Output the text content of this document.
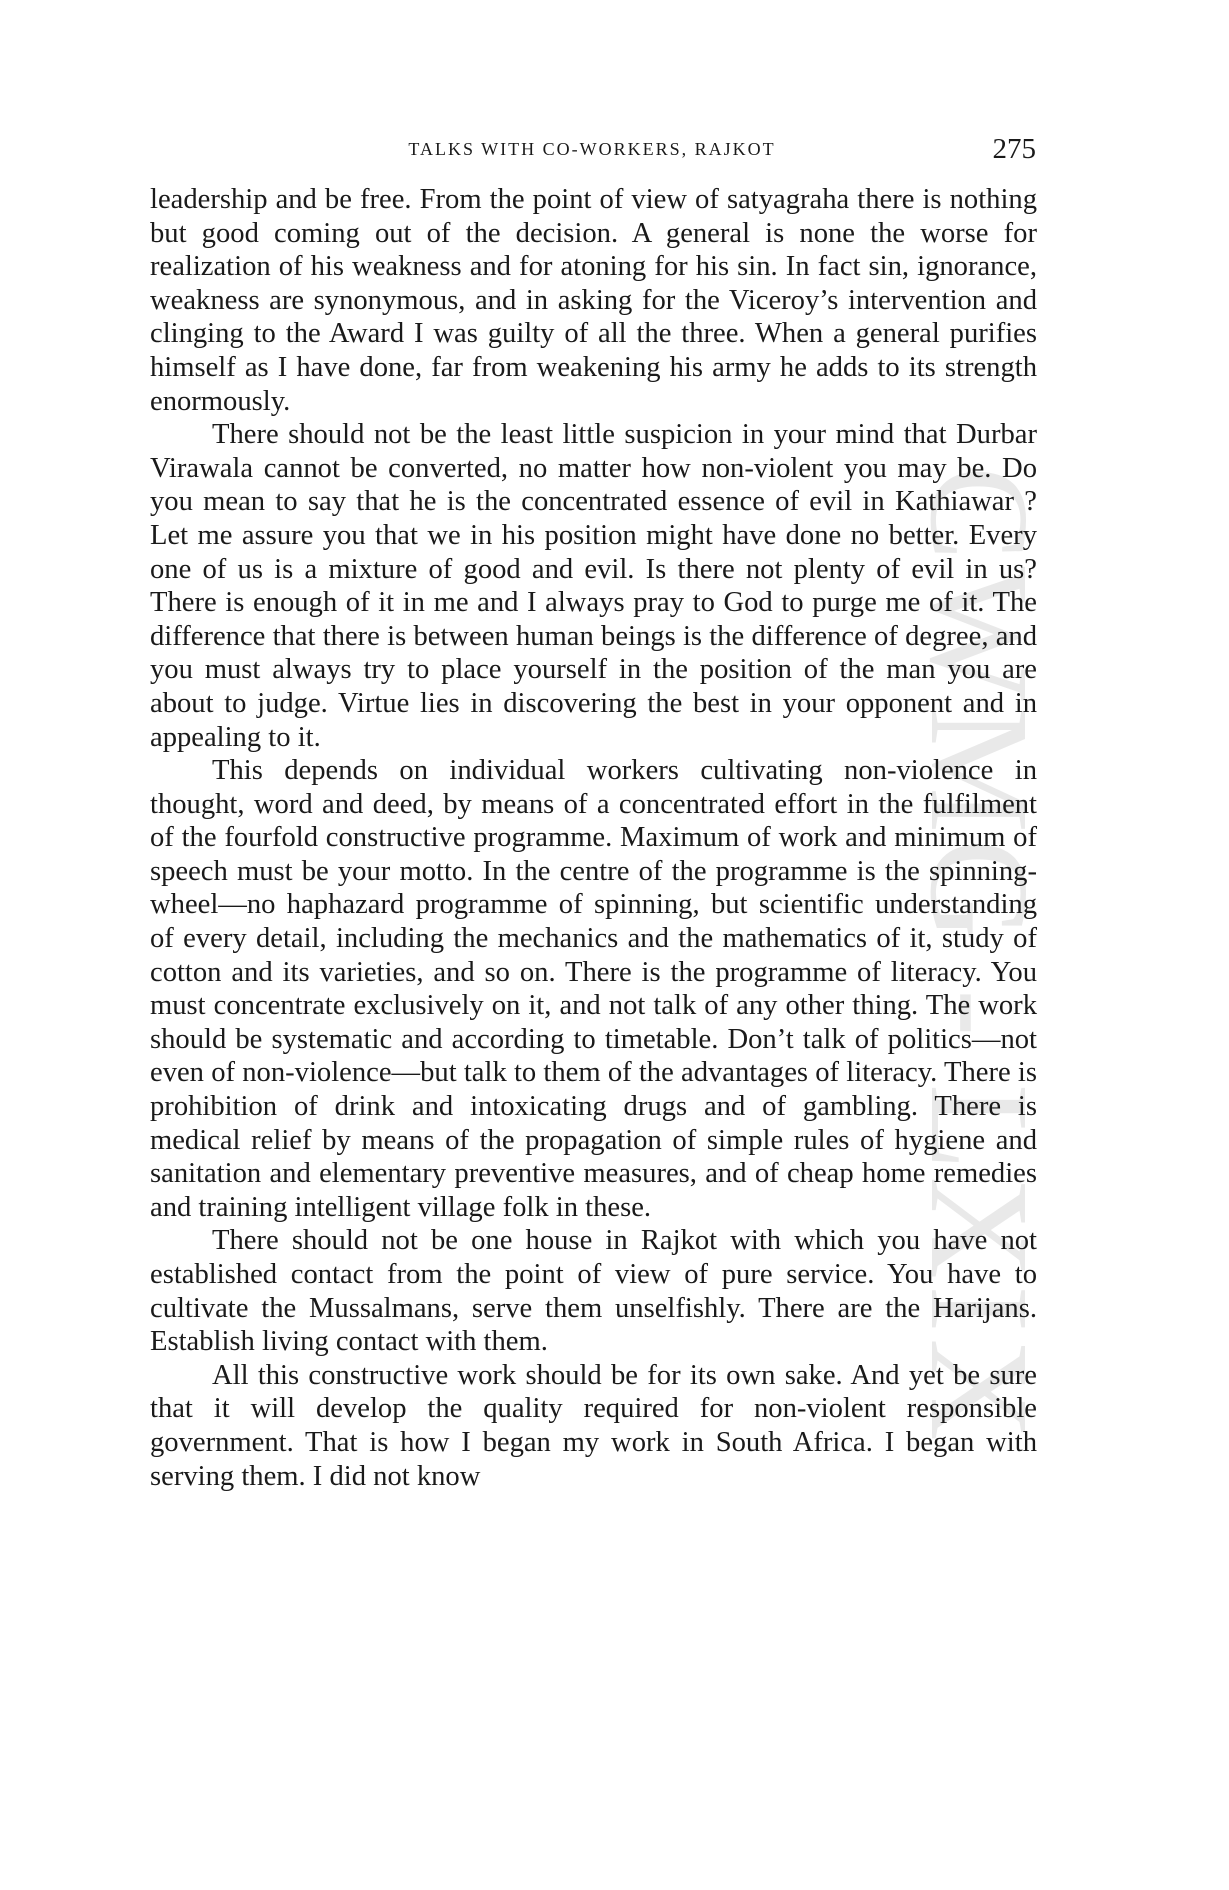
CWMG - LXIX
TALKS WITH CO-WORKERS, RAJKOT	275

leadership and be free. From the point of view of satyagraha there is nothing but good coming out of the decision. A general is none the worse for realization of his weakness and for atoning for his sin. In fact sin, ignorance, weakness are synonymous, and in asking for the Viceroy’s intervention and clinging to the Award I was guilty of all the three. When a general purifies himself as I have done, far from weakening his army he adds to its strength enormously.

There should not be the least little suspicion in your mind that Durbar Virawala cannot be converted, no matter how non-violent you may be. Do you mean to say that he is the concentrated essence of evil in Kathiawar ? Let me assure you that we in his position might have done no better. Every one of us is a mixture of good and evil. Is there not plenty of evil in us? There is enough of it in me and I always pray to God to purge me of it. The difference that there is between human beings is the difference of degree, and you must always try to place yourself in the position of the man you are about to judge. Virtue lies in discovering the best in your opponent and in appealing to it.

This depends on individual workers cultivating non-violence in thought, word and deed, by means of a concentrated effort in the fulfilment of the fourfold constructive programme. Maximum of work and minimum of speech must be your motto. In the centre of the programme is the spinning-wheel—no haphazard programme of spinning, but scientific understanding of every detail, including the mechanics and the mathematics of it, study of cotton and its varieties, and so on. There is the programme of literacy. You must concentrate exclusively on it, and not talk of any other thing. The work should be systematic and according to timetable. Don’t talk of politics—not even of non-violence—but talk to them of the advantages of literacy. There is prohibition of drink and intoxicating drugs and of gambling. There is medical relief by means of the propagation of simple rules of hygiene and sanitation and elementary preventive measures, and of cheap home remedies and training intelligent village folk in these.

There should not be one house in Rajkot with which you have not established contact from the point of view of pure service. You have to cultivate the Mussalmans, serve them unselfishly. There are the Harijans. Establish living contact with them.

All this constructive work should be for its own sake. And yet be sure that it will develop the quality required for non-violent responsible government. That is how I began my work in South Africa. I began with serving them. I did not know
